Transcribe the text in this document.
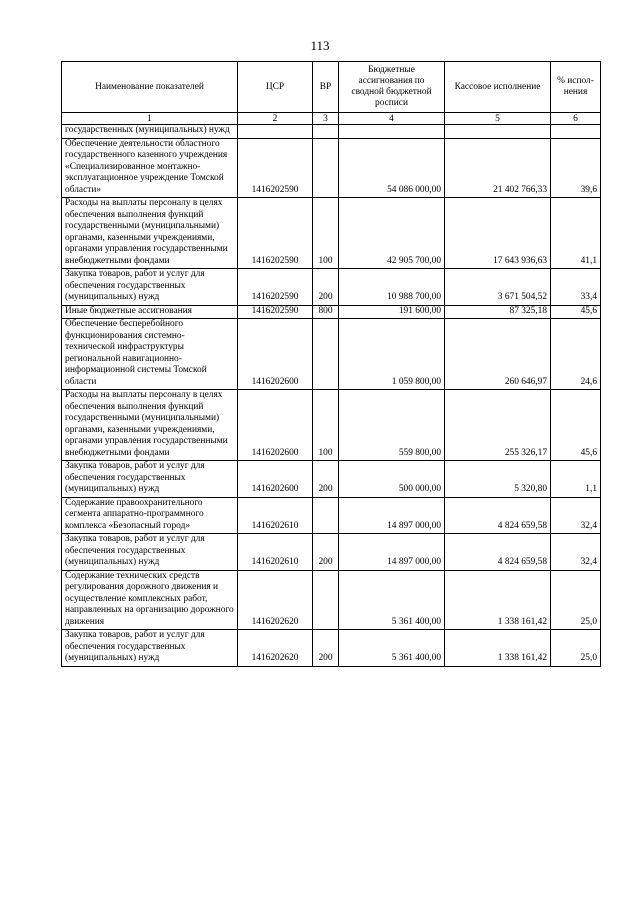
113
Наименование показателей	ЦСР	ВР	Бюджетные ассигнования по сводной бюджетной росписи	Кассовое исполнение	% испол-нения
1	2	3	4	5	6
государственных (муниципальных) нужд					
Обеспечение деятельности областного государственного казенного учреждения «Специализированное монтажно-эксплуатационное учреждение Томской области»	1416202590		54 086 000,00	21 402 766,33	39,6
Расходы на выплаты персоналу в целях обеспечения выполнения функций государственными (муниципальными) органами, казенными учреждениями, органами управления государственными внебюджетными фондами	1416202590	100	42 905 700,00	17 643 936,63	41,1
Закупка товаров, работ и услуг для обеспечения государственных (муниципальных) нужд	1416202590	200	10 988 700,00	3 671 504,52	33,4
Иные бюджетные ассигнования	1416202590	800	191 600,00	87 325,18	45,6
Обеспечение бесперебойного функционирования системно-технической инфраструктуры региональной навигационно-информационной системы Томской области	1416202600		1 059 800,00	260 646,97	24,6
Расходы на выплаты персоналу в целях обеспечения выполнения функций государственными (муниципальными) органами, казенными учреждениями, органами управления государственными внебюджетными фондами	1416202600	100	559 800,00	255 326,17	45,6
Закупка товаров, работ и услуг для обеспечения государственных (муниципальных) нужд	1416202600	200	500 000,00	5 320,80	1,1
Содержание правоохранительного сегмента аппаратно-программного комплекса «Безопасный город»	1416202610		14 897 000,00	4 824 659,58	32,4
Закупка товаров, работ и услуг для обеспечения государственных (муниципальных) нужд	1416202610	200	14 897 000,00	4 824 659,58	32,4
Содержание технических средств регулирования дорожного движения и осуществление комплексных работ, направленных на организацию дорожного движения	1416202620		5 361 400,00	1 338 161,42	25,0
Закупка товаров, работ и услуг для обеспечения государственных (муниципальных) нужд	1416202620	200	5 361 400,00	1 338 161,42	25,0
